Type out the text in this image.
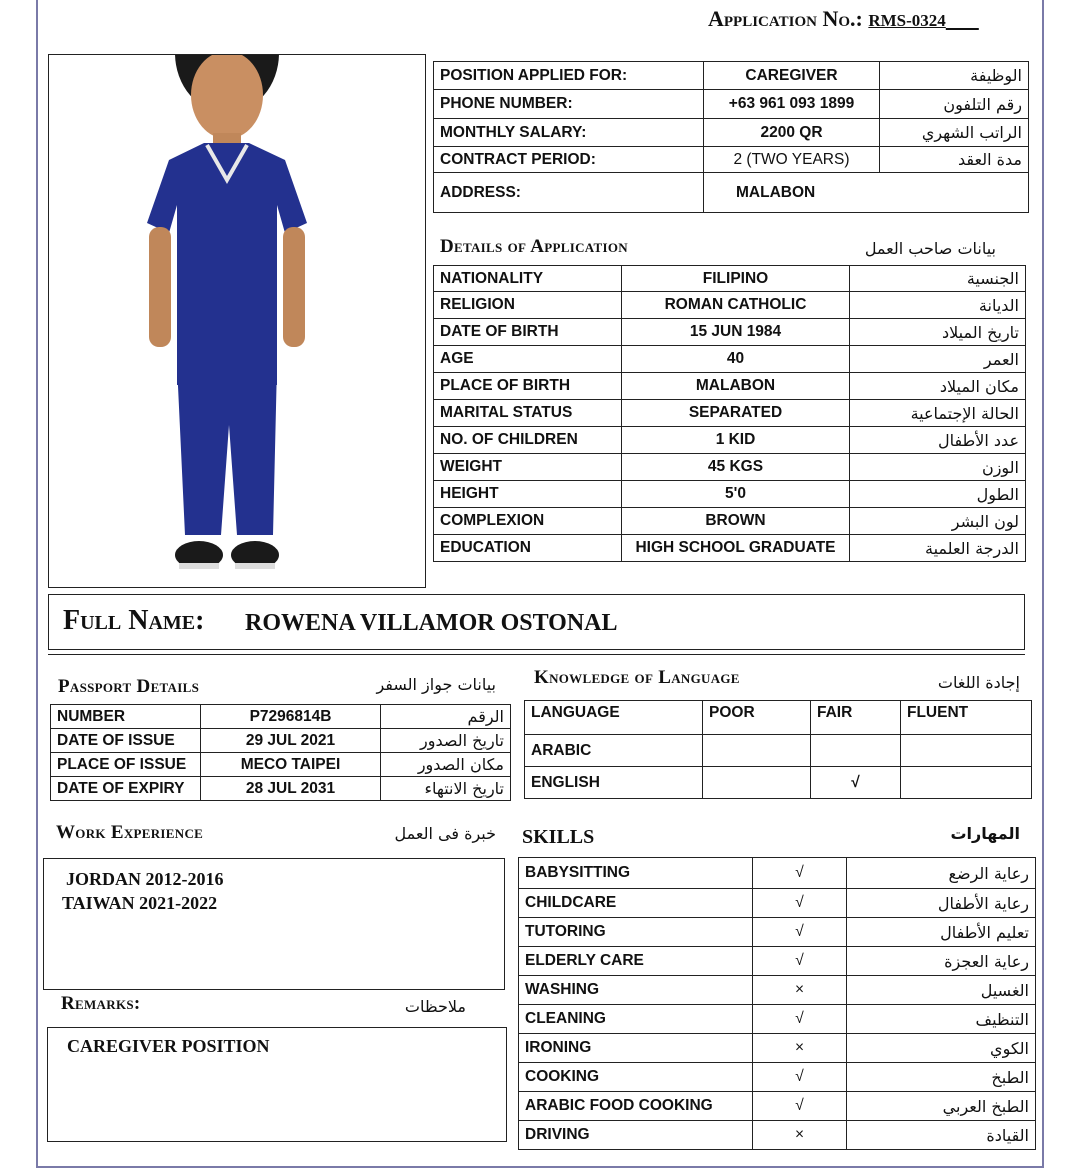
Application No.: RMS-0324
POSITION APPLIED FOR:	CAREGIVER	الوظيفة
PHONE NUMBER:	+63 961 093 1899	رقم التلفون
MONTHLY SALARY:	2200 QR	الراتب الشهري
CONTRACT PERIOD:	2 (TWO YEARS)	مدة العقد
ADDRESS:	MALABON	
Details of Application	بيانات صاحب العمل
NATIONALITY	FILIPINO	الجنسية
RELIGION	ROMAN CATHOLIC	الديانة
DATE OF BIRTH	15 JUN 1984	تاريخ الميلاد
AGE	40	العمر
PLACE OF BIRTH	MALABON	مكان الميلاد
MARITAL STATUS	SEPARATED	الحالة الإجتماعية
NO. OF CHILDREN	1 KID	عدد الأطفال
WEIGHT	45 KGS	الوزن
HEIGHT	5'0	الطول
COMPLEXION	BROWN	لون البشر
EDUCATION	HIGH SCHOOL GRADUATE	الدرجة العلمية
Full Name: ROWENA VILLAMOR OSTONAL
Passport Details	بيانات جواز السفر
NUMBER	P7296814B	الرقم
DATE OF ISSUE	29 JUL 2021	تاريخ الصدور
PLACE OF ISSUE	MECO TAIPEI	مكان الصدور
DATE OF EXPIRY	28 JUL 2031	تاريخ الانتهاء
Knowledge of Language	إجادة اللغات
LANGUAGE	POOR	FAIR	FLUENT
ARABIC			
ENGLISH		√	
Work Experience	خبرة فى العمل
JORDAN 2012-2016
TAIWAN 2021-2022
Remarks:	ملاحظات
CAREGIVER POSITION
SKILLS	المهارات
BABYSITTING	√	رعاية الرضع
CHILDCARE	√	رعاية الأطفال
TUTORING	√	تعليم الأطفال
ELDERLY CARE	√	رعاية العجزة
WASHING	×	الغسيل
CLEANING	√	التنظيف
IRONING	×	الكوي
COOKING	√	الطبخ
ARABIC FOOD COOKING	√	الطبخ العربي
DRIVING	×	القيادة
